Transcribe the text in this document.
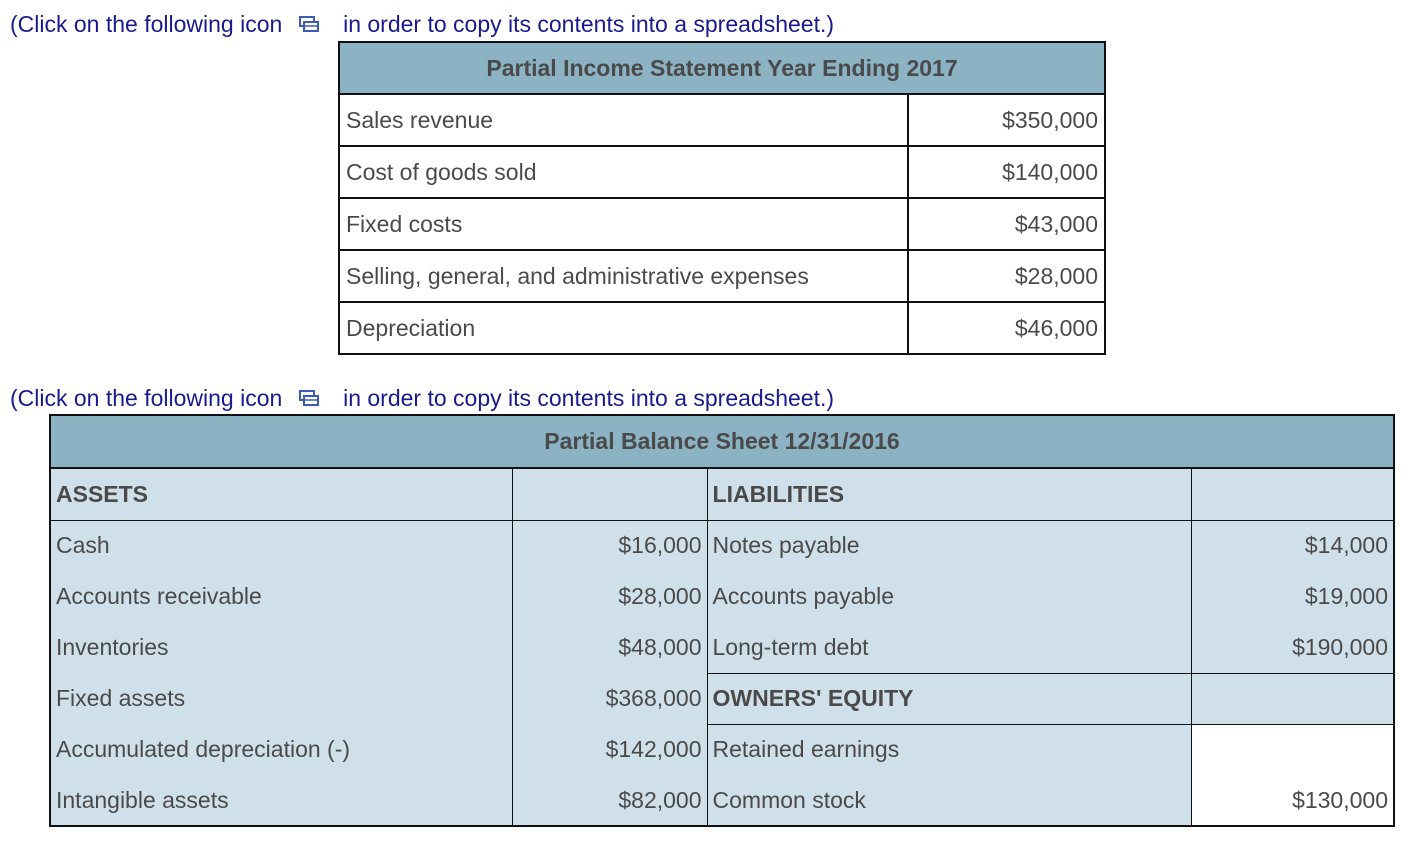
(Click on the following icon	in order to copy its contents into a spreadsheet.)
Partial Income Statement Year Ending 2017	
Sales revenue	$350,000
Cost of goods sold	$140,000
Fixed costs	$43,000
Selling, general, and administrative expenses	$28,000
Depreciation	$46,000
(Click on the following icon	in order to copy its contents into a spreadsheet.)
Partial Balance Sheet 12/31/2016			
ASSETS		LIABILITIES	
Cash	$16,000	Notes payable	$14,000
Accounts receivable	$28,000	Accounts payable	$19,000
Inventories	$48,000	Long-term debt	$190,000
Fixed assets	$368,000	OWNERS' EQUITY	
Accumulated depreciation (-)	$142,000	Retained earnings	
Intangible assets	$82,000	Common stock	$130,000
